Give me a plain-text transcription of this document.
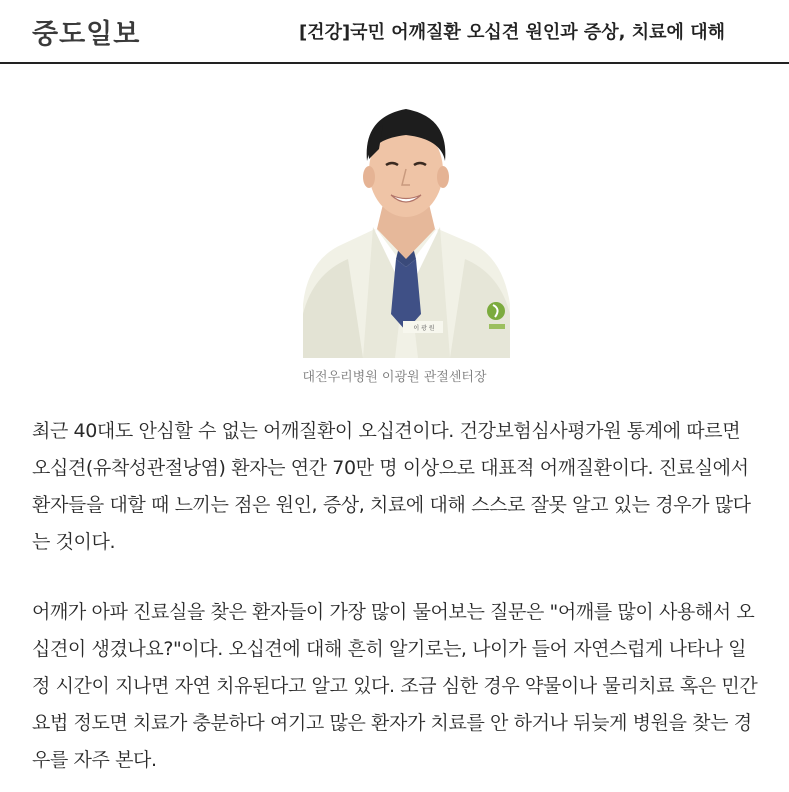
중도일보	[건강]국민 어깨질환 오십견 원인과 증상, 치료에 대해
이 광 원
대전우리병원 이광원 관절센터장

최근 40대도 안심할 수 없는 어깨질환이 오십견이다. 건강보험심사평가원 통계에 따르면 오십견(유착성관절낭염) 환자는 연간 70만 명 이상으로 대표적 어깨질환이다. 진료실에서 환자들을 대할 때 느끼는 점은 원인, 증상, 치료에 대해 스스로 잘못 알고 있는 경우가 많다는 것이다.

어깨가 아파 진료실을 찾은 환자들이 가장 많이 물어보는 질문은 "어깨를 많이 사용해서 오십견이 생겼나요?"이다. 오십견에 대해 흔히 알기로는, 나이가 들어 자연스럽게 나타나 일정 시간이 지나면 자연 치유된다고 알고 있다. 조금 심한 경우 약물이나 물리치료 혹은 민간요법 정도면 치료가 충분하다 여기고 많은 환자가 치료를 안 하거나 뒤늦게 병원을 찾는 경우를 자주 본다.
